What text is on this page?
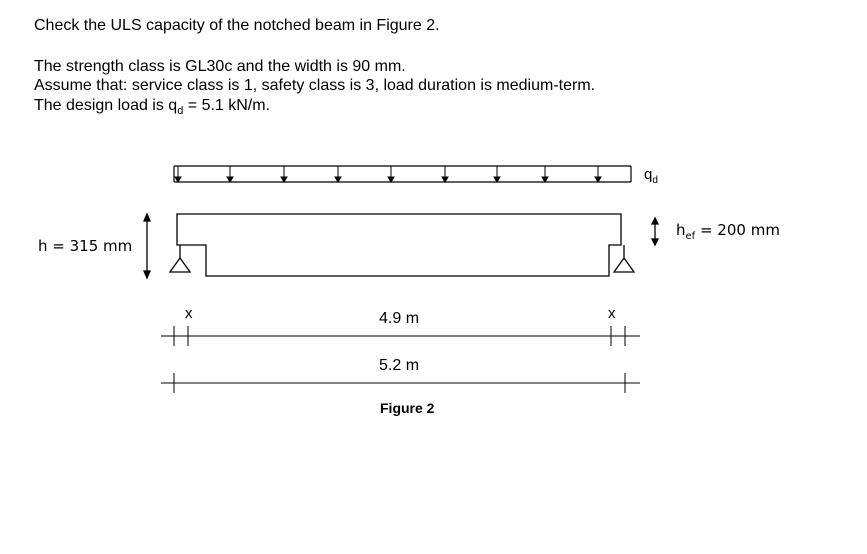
Check the ULS capacity of the notched beam in Figure 2.
The strength class is GL30c and the width is 90 mm.
Assume that: service class is 1, safety class is 3, load duration is medium-term.
The design load is $q_d = 5.1$ kN/m.
$q_d$
h = 315 mm
$h_{ef} = 200$ mm
x	x
4.9 m
5.2 m
Figure 2
